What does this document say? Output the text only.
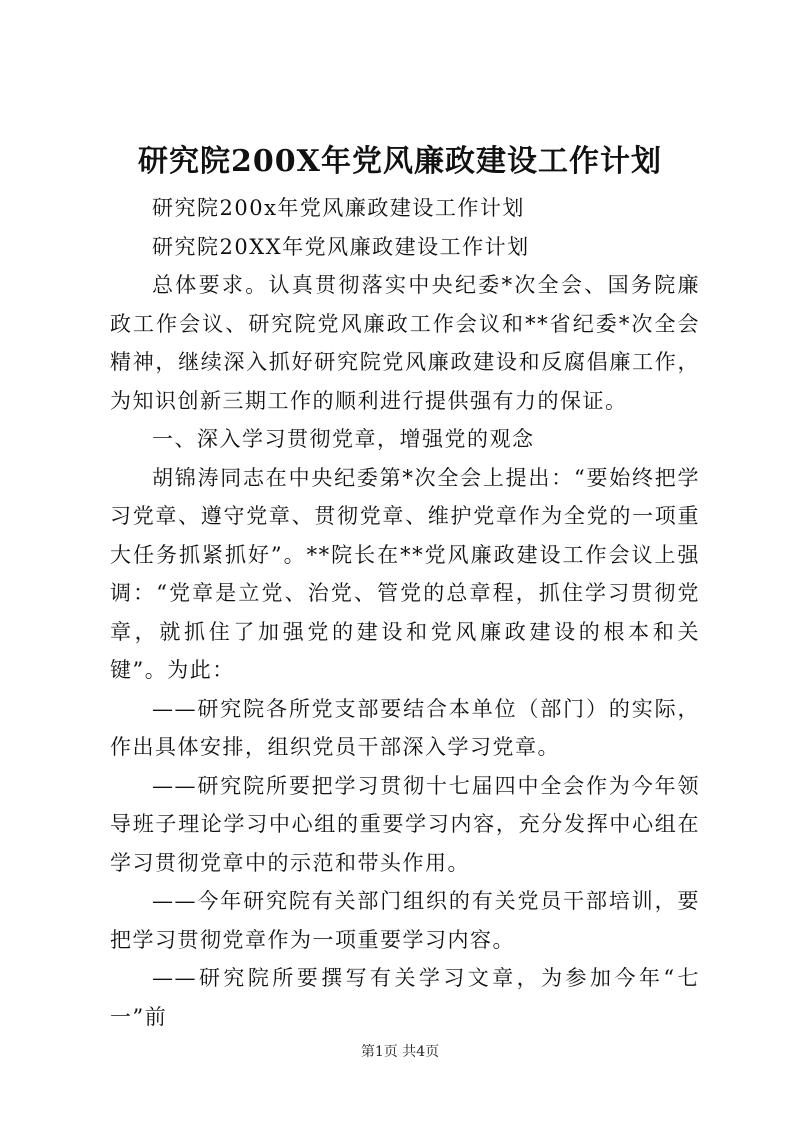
研究院200X年党风廉政建设工作计划

研究院200x年党风廉政建设工作计划

研究院20XX年党风廉政建设工作计划

总体要求。认真贯彻落实中央纪委*次全会、国务院廉政工作会议、研究院党风廉政工作会议和**省纪委*次全会精神，继续深入抓好研究院党风廉政建设和反腐倡廉工作，为知识创新三期工作的顺利进行提供强有力的保证。

一、深入学习贯彻党章，增强党的观念

胡锦涛同志在中央纪委第*次全会上提出：“要始终把学习党章、遵守党章、贯彻党章、维护党章作为全党的一项重大任务抓紧抓好”。**院长在**党风廉政建设工作会议上强调：“党章是立党、治党、管党的总章程，抓住学习贯彻党章，就抓住了加强党的建设和党风廉政建设的根本和关键”。为此：

——研究院各所党支部要结合本单位（部门）的实际，作出具体安排，组织党员干部深入学习党章。

——研究院所要把学习贯彻十七届四中全会作为今年领导班子理论学习中心组的重要学习内容，充分发挥中心组在学习贯彻党章中的示范和带头作用。

——今年研究院有关部门组织的有关党员干部培训，要把学习贯彻党章作为一项重要学习内容。

——研究院所要撰写有关学习文章，为参加今年“七一”前

第1页 共4页
